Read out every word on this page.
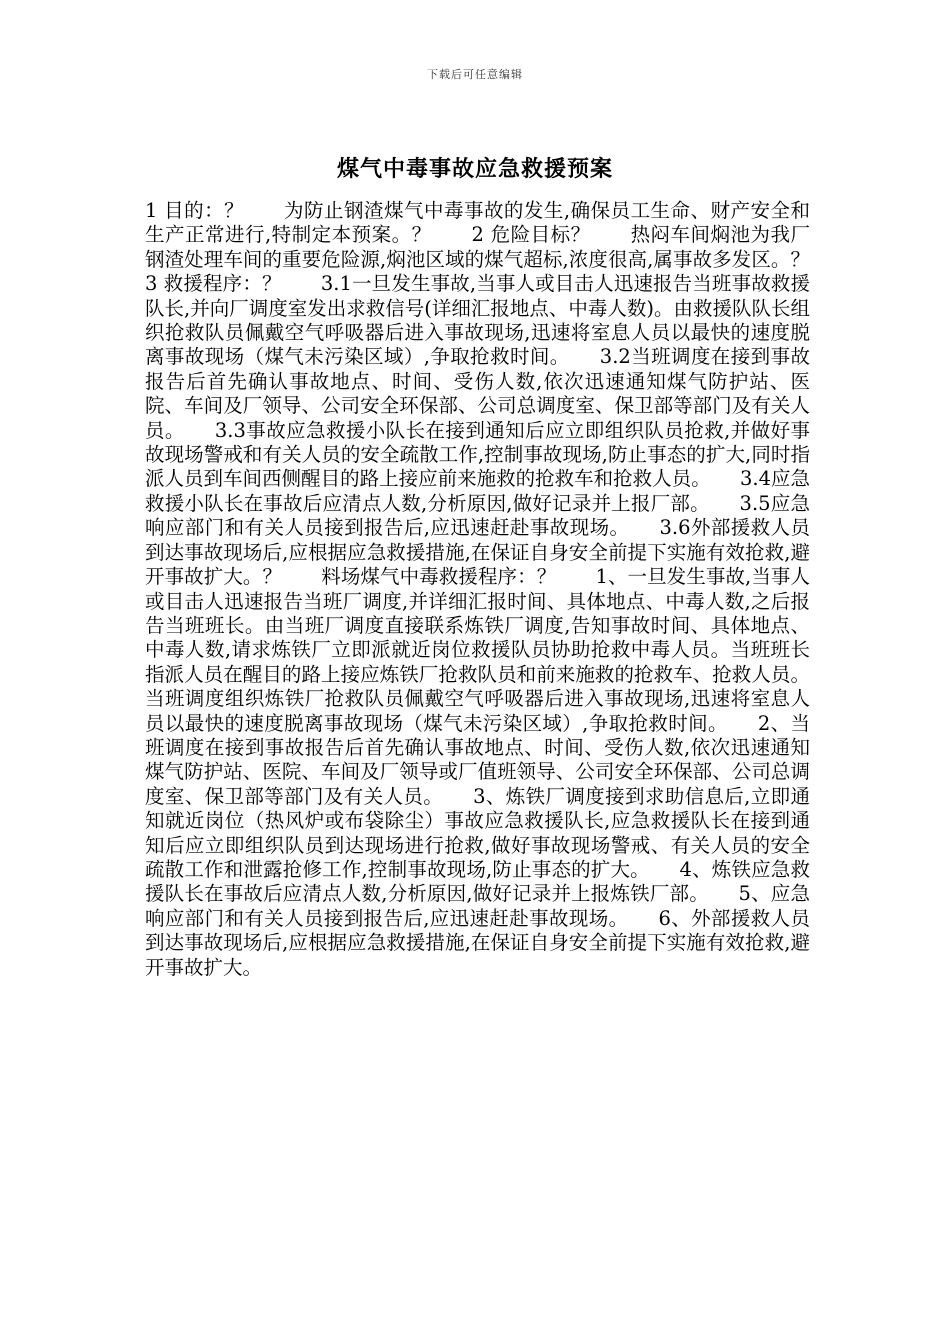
下载后可任意编辑
煤气中毒事故应急救援预案

1 目的：？　　为防止钢渣煤气中毒事故的发生,确保员工生命、财产安全和生产正常进行,特制定本预案。？　　2 危险目标？　　热闷车间焖池为我厂钢渣处理车间的重要危险源,焖池区域的煤气超标,浓度很高,属事故多发区。？　　3 救援程序：？　　3.1一旦发生事故,当事人或目击人迅速报告当班事故救援队长,并向厂调度室发出求救信号(详细汇报地点、中毒人数)。由救援队队长组织抢救队员佩戴空气呼吸器后进入事故现场,迅速将室息人员以最快的速度脱离事故现场（煤气未污染区域）,争取抢救时间。　　3.2当班调度在接到事故报告后首先确认事故地点、时间、受伤人数,依次迅速通知煤气防护站、医院、车间及厂领导、公司安全环保部、公司总调度室、保卫部等部门及有关人员。　　3.3事故应急救援小队长在接到通知后应立即组织队员抢救,并做好事故现场警戒和有关人员的安全疏散工作,控制事故现场,防止事态的扩大,同时指派人员到车间西侧醒目的路上接应前来施救的抢救车和抢救人员。　　3.4应急救援小队长在事故后应清点人数,分析原因,做好记录并上报厂部。　　3.5应急响应部门和有关人员接到报告后,应迅速赶赴事故现场。　　3.6外部援救人员到达事故现场后,应根据应急救援措施,在保证自身安全前提下实施有效抢救,避开事故扩大。？　　料场煤气中毒救援程序：？　　1、一旦发生事故,当事人或目击人迅速报告当班厂调度,并详细汇报时间、具体地点、中毒人数,之后报告当班班长。由当班厂调度直接联系炼铁厂调度,告知事故时间、具体地点、中毒人数,请求炼铁厂立即派就近岗位救援队员协助抢救中毒人员。当班班长指派人员在醒目的路上接应炼铁厂抢救队员和前来施救的抢救车、抢救人员。当班调度组织炼铁厂抢救队员佩戴空气呼吸器后进入事故现场,迅速将室息人员以最快的速度脱离事故现场（煤气未污染区域）,争取抢救时间。　　2、当班调度在接到事故报告后首先确认事故地点、时间、受伤人数,依次迅速通知煤气防护站、医院、车间及厂领导或厂值班领导、公司安全环保部、公司总调度室、保卫部等部门及有关人员。　　3、炼铁厂调度接到求助信息后,立即通知就近岗位（热风炉或布袋除尘）事故应急救援队长,应急救援队长在接到通知后应立即组织队员到达现场进行抢救,做好事故现场警戒、有关人员的安全疏散工作和泄露抢修工作,控制事故现场,防止事态的扩大。　　4、炼铁应急救援队长在事故后应清点人数,分析原因,做好记录并上报炼铁厂部。　　5、应急响应部门和有关人员接到报告后,应迅速赶赴事故现场。　　6、外部援救人员到达事故现场后,应根据应急救援措施,在保证自身安全前提下实施有效抢救,避开事故扩大。
